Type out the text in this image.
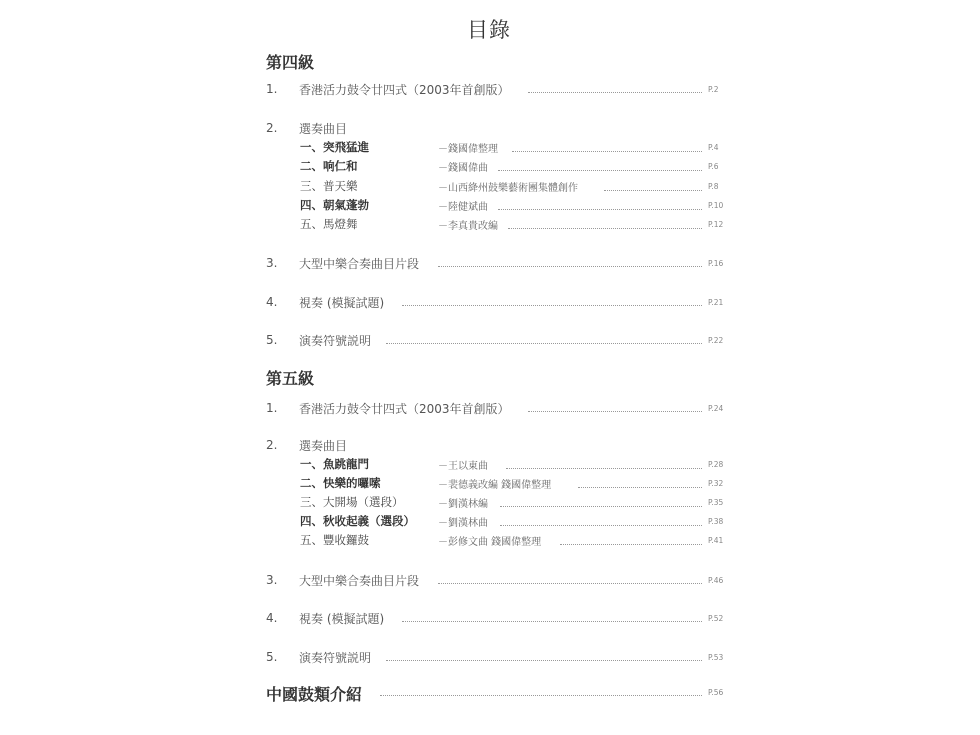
目錄
第四級
1. 香港活力鼓令廿四式（2003年首創版）	P.2
2. 選奏曲目
一、突飛猛進	－錢國偉整理	P.4
二、响仁和	－錢國偉曲	P.6
三、普天樂	－山西絳州鼓樂藝術團集體創作	P.8
四、朝氣蓬勃	－陸健斌曲	P.10
五、馬燈舞	－李真貴改編	P.12
3. 大型中樂合奏曲目片段	P.16
4. 視奏 (模擬試題)	P.21
5. 演奏符號説明	P.22
第五級
1. 香港活力鼓令廿四式（2003年首創版）	P.24
2. 選奏曲目
一、魚跳龍門	－王以東曲	P.28
二、快樂的囉嗦	－裴德義改編 錢國偉整理	P.32
三、大開場（選段）	－劉漢林編	P.35
四、秋收起義（選段） －劉漢林曲	P.38
五、豐收鑼鼓	－彭修文曲 錢國偉整理	P.41
3. 大型中樂合奏曲目片段	P.46
4. 視奏 (模擬試題)	P.52
5. 演奏符號説明	P.53
中國鼓類介紹	P.56
